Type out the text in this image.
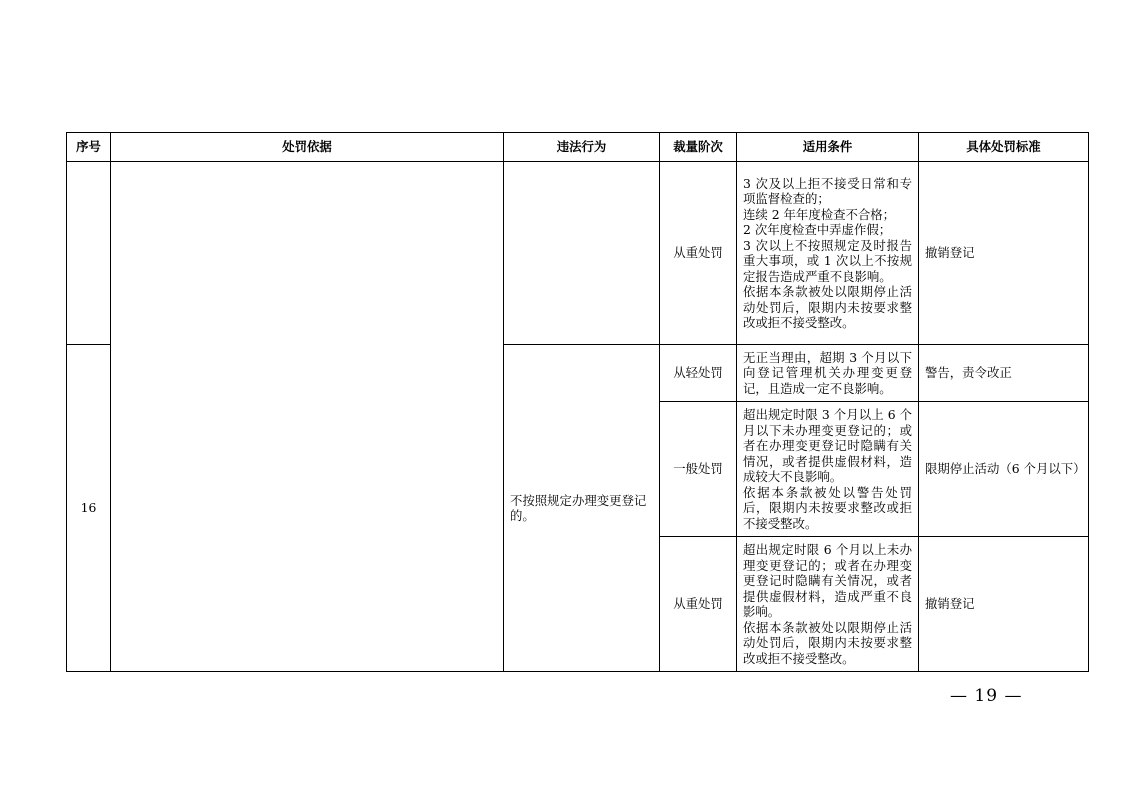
序号	处罚依据	违法行为	裁量阶次	适用条件	具体处罚标准
			从重处罚	3 次及以上拒不接受日常和专项监督检查的；
连续 2 年年度检查不合格；
2 次年度检查中弄虚作假；
3 次以上不按照规定及时报告重大事项，或 1 次以上不按规定报告造成严重不良影响。
依据本条款被处以限期停止活动处罚后，限期内未按要求整改或拒不接受整改。	撤销登记
16		不按照规定办理变更登记的。	从轻处罚	无正当理由，超期 3 个月以下向登记管理机关办理变更登记，且造成一定不良影响。	警告，责令改正
			一般处罚	超出规定时限 3 个月以上 6 个月以下未办理变更登记的；或者在办理变更登记时隐瞒有关情况，或者提供虚假材料，造成较大不良影响。
依据本条款被处以警告处罚后，限期内未按要求整改或拒不接受整改。	限期停止活动（6 个月以下）
			从重处罚	超出规定时限 6 个月以上未办理变更登记的；或者在办理变更登记时隐瞒有关情况，或者提供虚假材料，造成严重不良影响。
依据本条款被处以限期停止活动处罚后，限期内未按要求整改或拒不接受整改。	撤销登记
— 19 —
